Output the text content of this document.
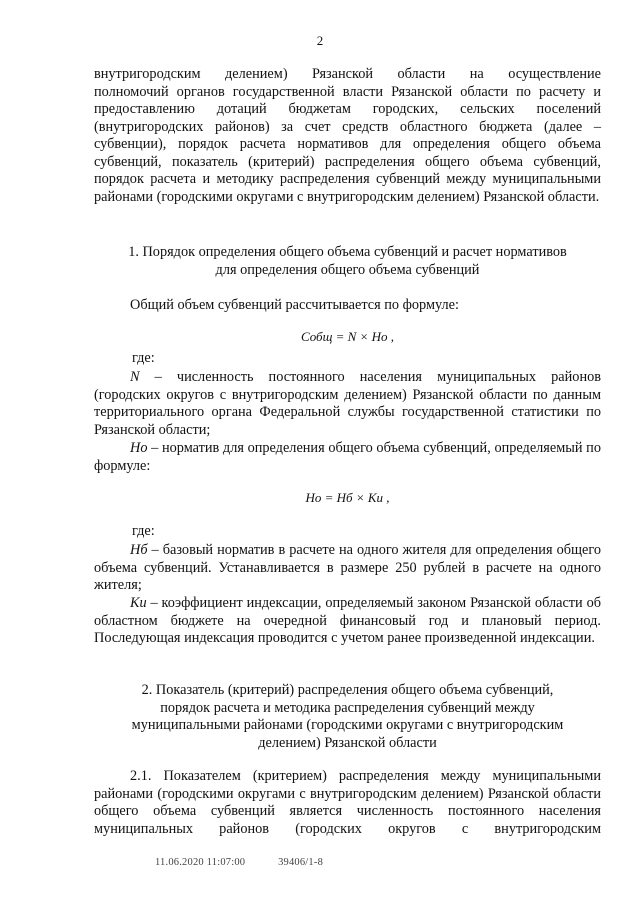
2

внутригородским делением) Рязанской области на осуществление

полномочий органов государственной власти Рязанской области по расчету и предоставлению дотаций бюджетам городских, сельских поселений (внутригородских районов) за счет средств областного бюджета (далее – субвенции), порядок расчета нормативов для определения общего объема субвенций, показатель (критерий) распределения общего объема субвенций, порядок расчета и методику распределения субвенций между муниципальными районами (городскими округами с внутригородским делением) Рязанской области.

1. Порядок определения общего объема субвенций и расчет нормативов

для определения общего объема субвенций

Общий объем субвенций рассчитывается по формуле:

Собщ = N × Но ,

где:

N – численность постоянного населения муниципальных районов (городских округов с внутригородским делением) Рязанской области по данным территориального органа Федеральной службы государственной статистики по Рязанской области;

Но – норматив для определения общего объема субвенций, определяемый по формуле:

Но = Нб × Ки ,

где:

Нб – базовый норматив в расчете на одного жителя для определения общего объема субвенций. Устанавливается в размере 250 рублей в расчете на одного жителя;

Ки – коэффициент индексации, определяемый законом Рязанской области об областном бюджете на очередной финансовый год и плановый период. Последующая индексация проводится с учетом ранее произведенной индексации.

2. Показатель (критерий) распределения общего объема субвенций,

порядок расчета и методика распределения субвенций между

муниципальными районами (городскими округами с внутригородским

делением) Рязанской области

2.1. Показателем (критерием) распределения между муниципальными районами (городскими округами с внутригородским делением) Рязанской области общего объема субвенций является численность постоянного населения муниципальных районов (городских округов с внутригородским

11.06.2020 11:07:00	39406/1-8
